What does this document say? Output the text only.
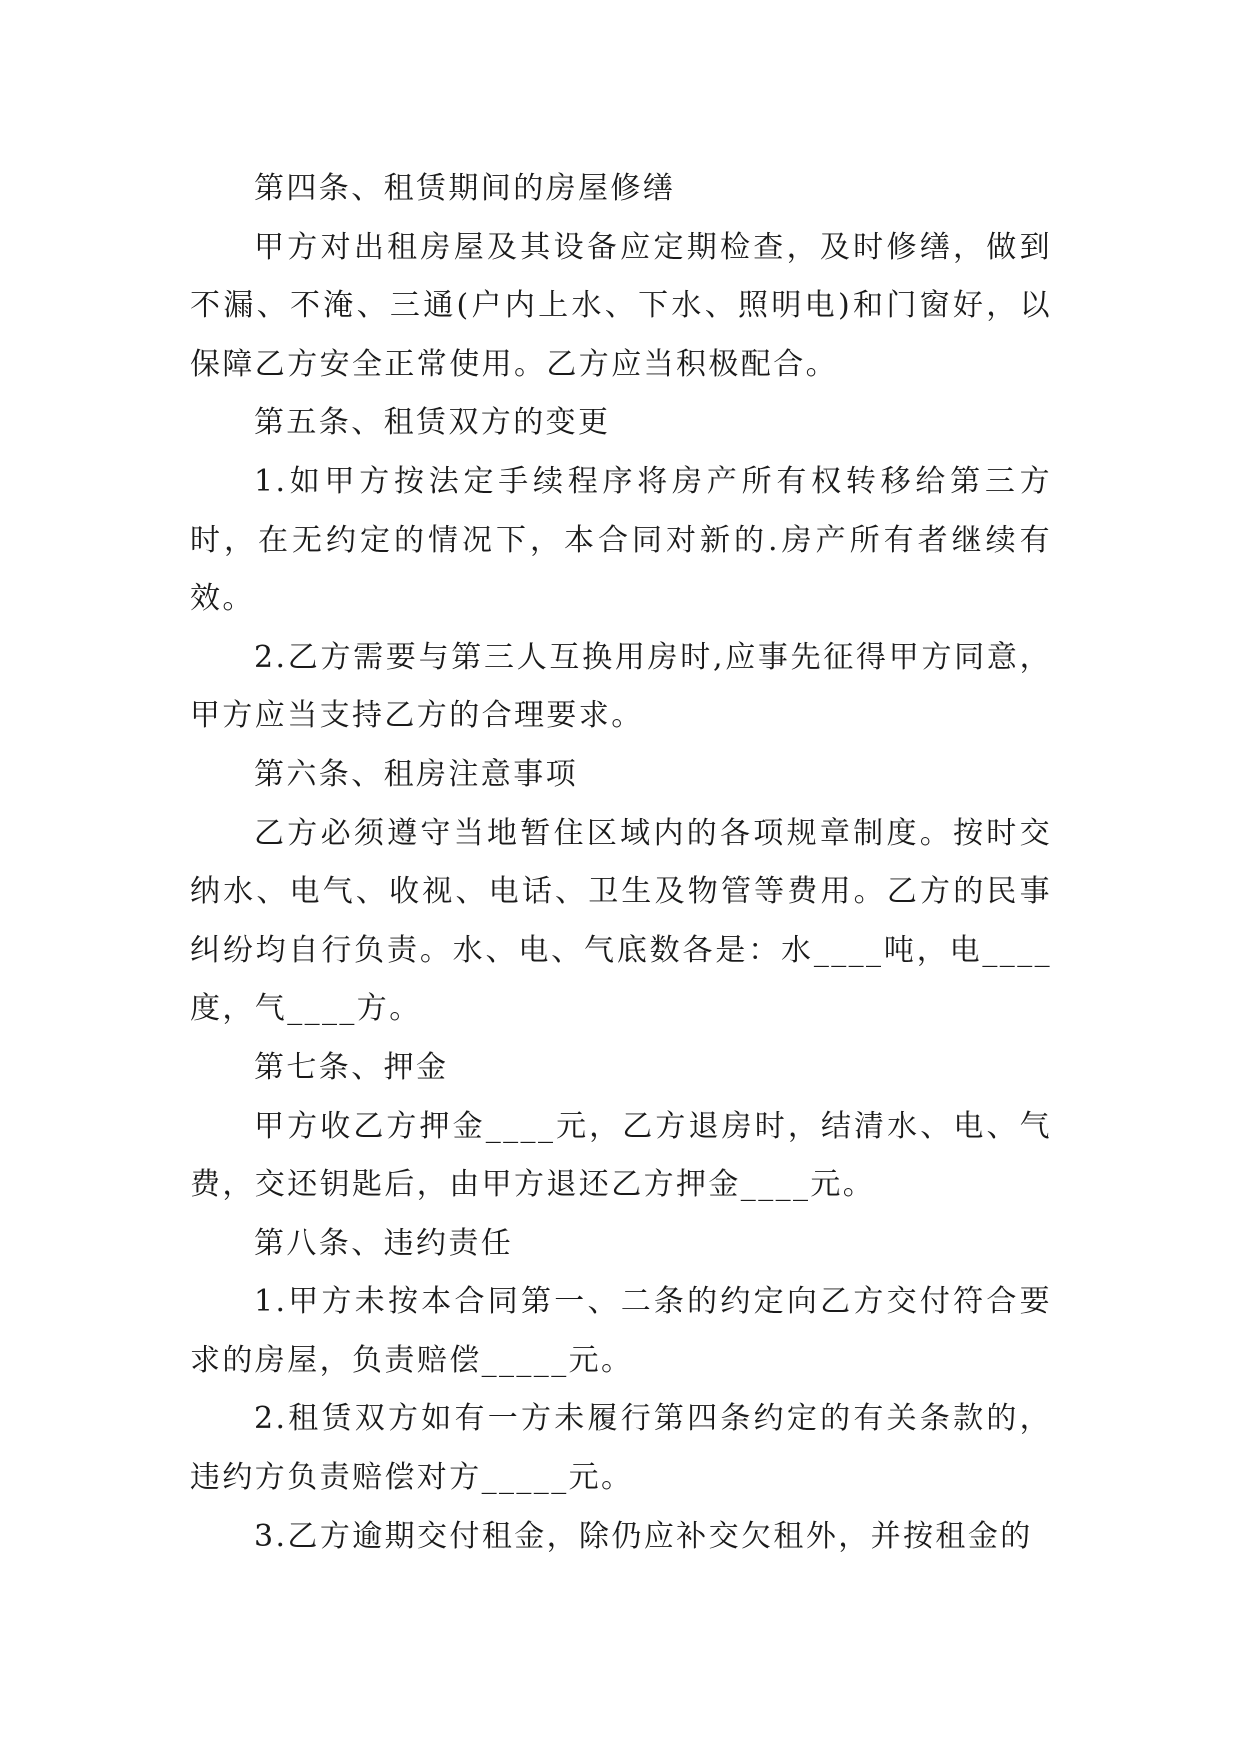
第四条、租赁期间的房屋修缮

甲方对出租房屋及其设备应定期检查，及时修缮，做到不漏、不淹、三通(户内上水、下水、照明电)和门窗好，以保障乙方安全正常使用。乙方应当积极配合。

第五条、租赁双方的变更

1.如甲方按法定手续程序将房产所有权转移给第三方时，在无约定的情况下，本合同对新的.房产所有者继续有效。

2.乙方需要与第三人互换用房时,应事先征得甲方同意，甲方应当支持乙方的合理要求。

第六条、租房注意事项

乙方必须遵守当地暂住区域内的各项规章制度。按时交纳水、电气、收视、电话、卫生及物管等费用。乙方的民事纠纷均自行负责。水、电、气底数各是：水____吨，电____度，气____方。

第七条、押金

甲方收乙方押金____元，乙方退房时，结清水、电、气费，交还钥匙后，由甲方退还乙方押金____元。

第八条、违约责任

1.甲方未按本合同第一、二条的约定向乙方交付符合要求的房屋，负责赔偿_____元。

2.租赁双方如有一方未履行第四条约定的有关条款的，违约方负责赔偿对方_____元。

3.乙方逾期交付租金，除仍应补交欠租外，并按租金的
